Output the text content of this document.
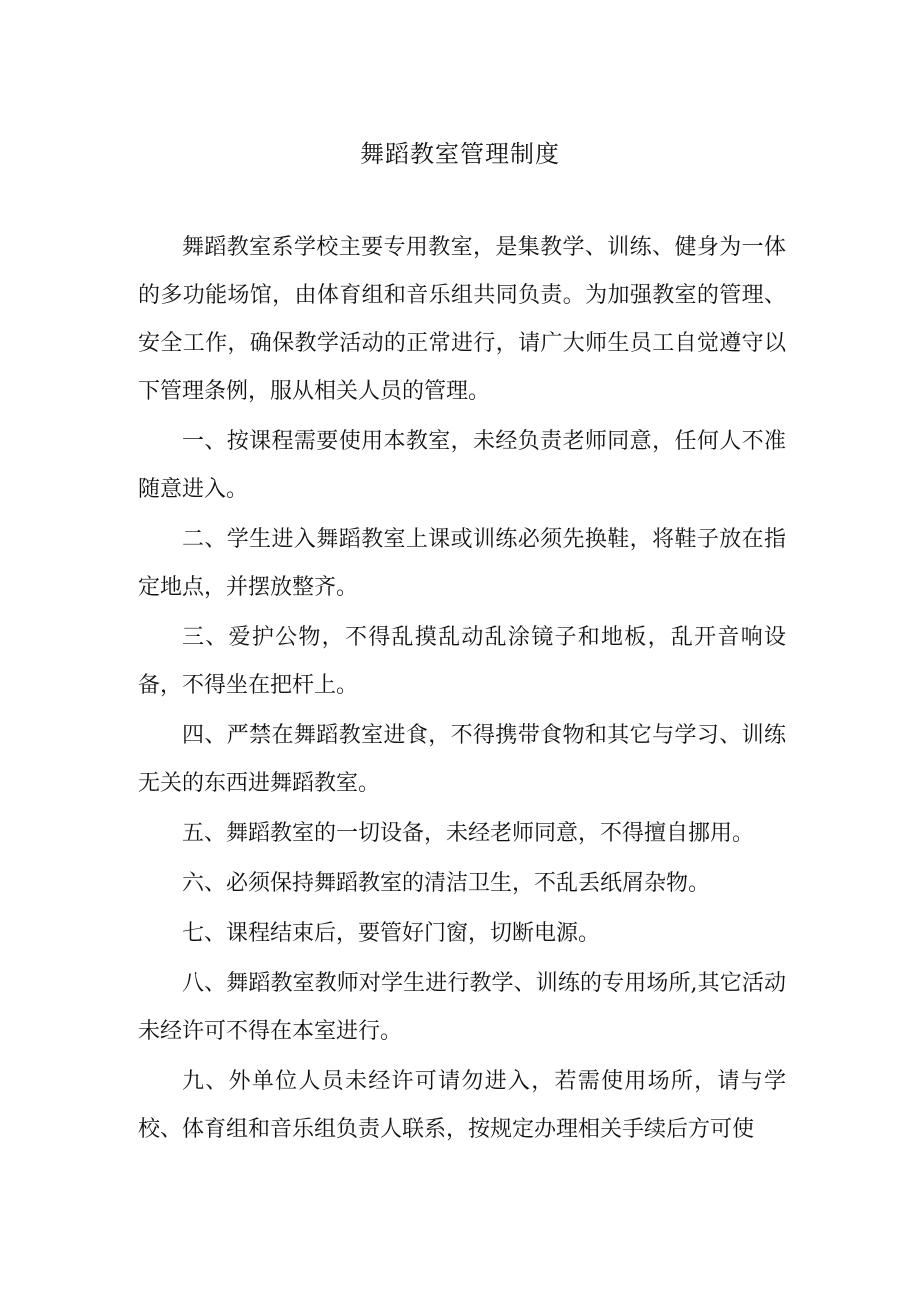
舞蹈教室管理制度

舞蹈教室系学校主要专用教室，是集教学、训练、健身为一体的多功能场馆，由体育组和音乐组共同负责。为加强教室的管理、安全工作，确保教学活动的正常进行，请广大师生员工自觉遵守以下管理条例，服从相关人员的管理。

一、按课程需要使用本教室，未经负责老师同意，任何人不准随意进入。

二、学生进入舞蹈教室上课或训练必须先换鞋，将鞋子放在指定地点，并摆放整齐。

三、爱护公物，不得乱摸乱动乱涂镜子和地板，乱开音响设备，不得坐在把杆上。

四、严禁在舞蹈教室进食，不得携带食物和其它与学习、训练无关的东西进舞蹈教室。

五、舞蹈教室的一切设备，未经老师同意，不得擅自挪用。

六、必须保持舞蹈教室的清洁卫生，不乱丢纸屑杂物。

七、课程结束后，要管好门窗，切断电源。

八、舞蹈教室教师对学生进行教学、训练的专用场所,其它活动未经许可不得在本室进行。

九、外单位人员未经许可请勿进入，若需使用场所，请与学校、体育组和音乐组负责人联系，按规定办理相关手续后方可使
